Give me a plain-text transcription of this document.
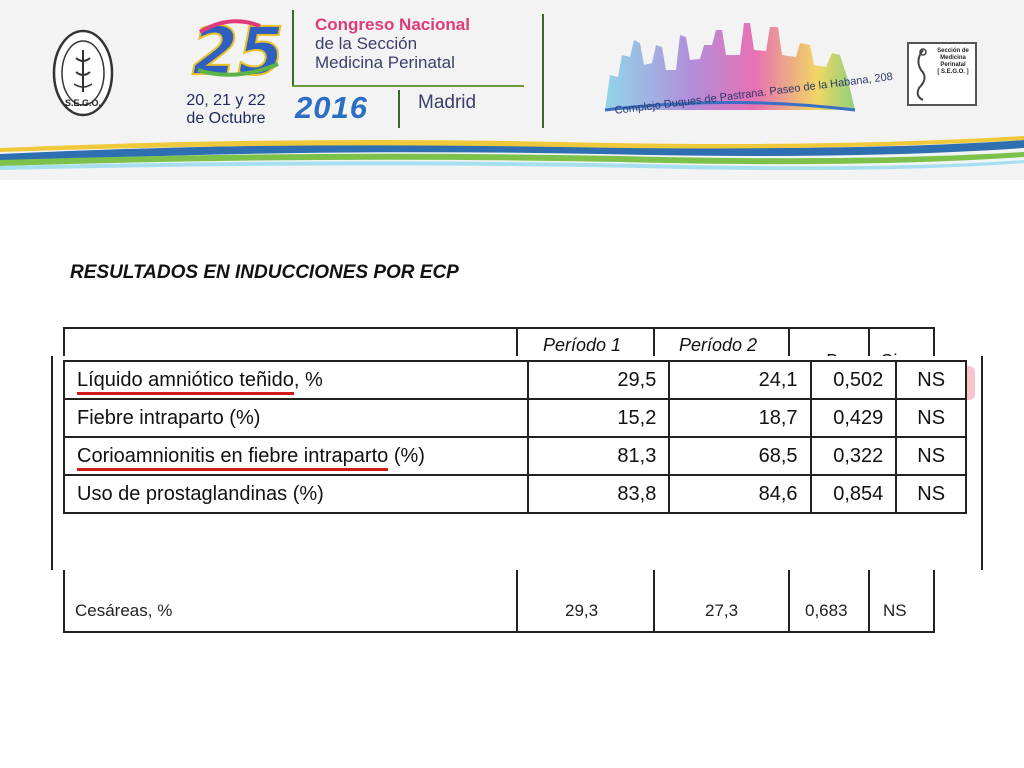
S.E.G.O.
25
20, 21 y 22
de Octubre
Congreso Nacional
de la Sección
Medicina Perinatal
2016	Madrid	Complejo Duques de Pastrana. Paseo de la Habana, 208
Sección de
Medicina
Perinatal
[ S.E.G.O. ]
RESULTADOS EN INDUCCIONES POR ECP
Período 1	Período 2
Cesáreas, %	29,3	27,3	0,683 NS
Líquido amniótico teñido, %	29,5	24,1	0,502	NS
Fiebre intraparto (%)	15,2	18,7	0,429	NS
Corioamnionitis en fiebre intraparto (%)	81,3	68,5	0,322	NS
Uso de prostaglandinas (%)	83,8	84,6	0,854	NS
